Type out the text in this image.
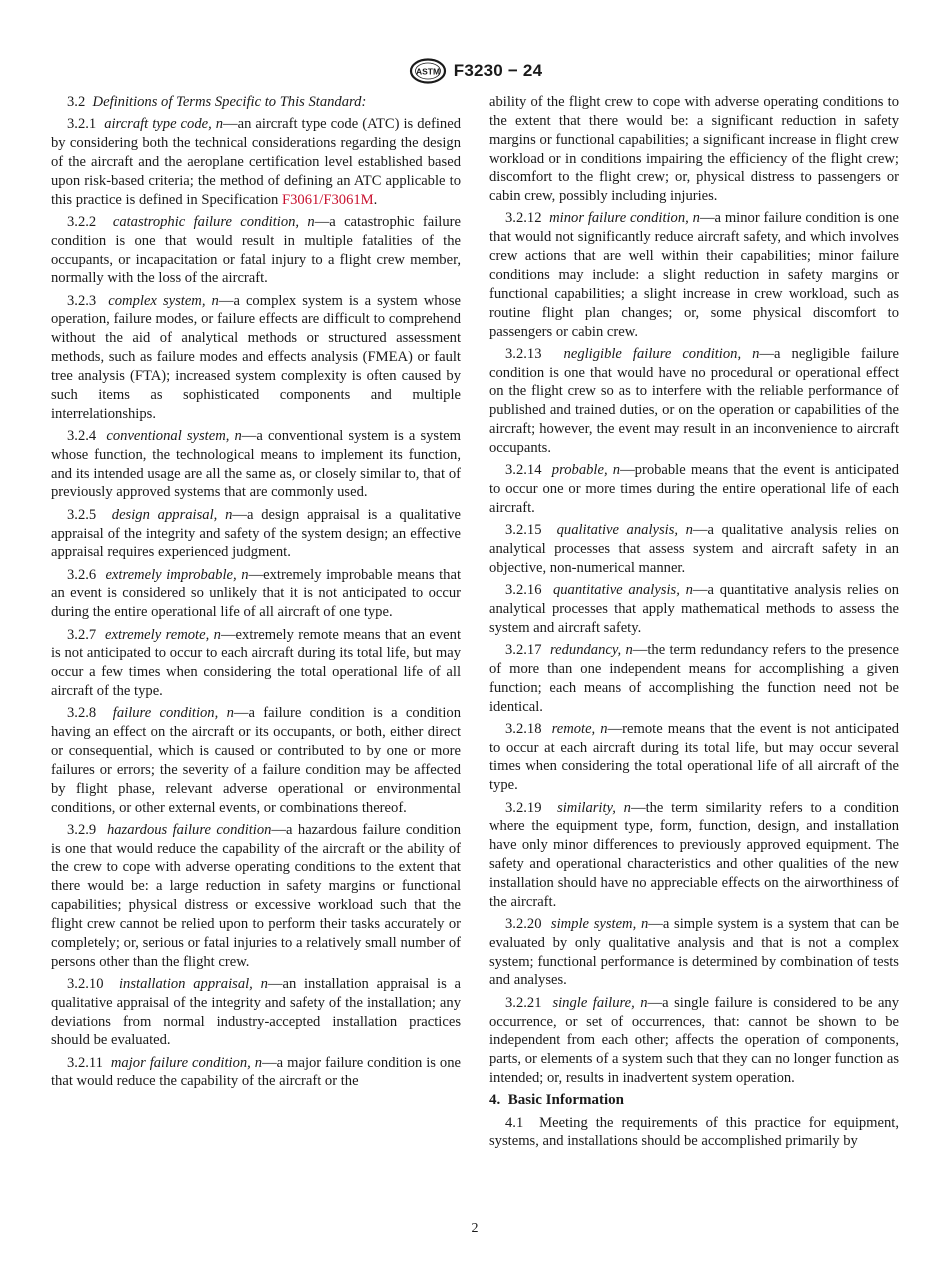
ASTM F3230 − 24

3.2 Definitions of Terms Specific to This Standard:

3.2.1 aircraft type code, n—an aircraft type code (ATC) is defined by considering both the technical considerations regarding the design of the aircraft and the aeroplane certification level established based upon risk-based criteria; the method of defining an ATC applicable to this practice is defined in Specification F3061/F3061M.

3.2.2 catastrophic failure condition, n—a catastrophic failure condition is one that would result in multiple fatalities of the occupants, or incapacitation or fatal injury to a flight crew member, normally with the loss of the aircraft.

3.2.3 complex system, n—a complex system is a system whose operation, failure modes, or failure effects are difficult to comprehend without the aid of analytical methods or structured assessment methods, such as failure modes and effects analysis (FMEA) or fault tree analysis (FTA); increased system complexity is often caused by such items as sophisticated components and multiple interrelationships.

3.2.4 conventional system, n—a conventional system is a system whose function, the technological means to implement its function, and its intended usage are all the same as, or closely similar to, that of previously approved systems that are commonly used.

3.2.5 design appraisal, n—a design appraisal is a qualitative appraisal of the integrity and safety of the system design; an effective appraisal requires experienced judgment.

3.2.6 extremely improbable, n—extremely improbable means that an event is considered so unlikely that it is not anticipated to occur during the entire operational life of all aircraft of one type.

3.2.7 extremely remote, n—extremely remote means that an event is not anticipated to occur to each aircraft during its total life, but may occur a few times when considering the total operational life of all aircraft of the type.

3.2.8 failure condition, n—a failure condition is a condition having an effect on the aircraft or its occupants, or both, either direct or consequential, which is caused or contributed to by one or more failures or errors; the severity of a failure condition may be affected by flight phase, relevant adverse operational or environmental conditions, or other external events, or combinations thereof.

3.2.9 hazardous failure condition—a hazardous failure condition is one that would reduce the capability of the aircraft or the ability of the crew to cope with adverse operating conditions to the extent that there would be: a large reduction in safety margins or functional capabilities; physical distress or excessive workload such that the flight crew cannot be relied upon to perform their tasks accurately or completely; or, serious or fatal injuries to a relatively small number of persons other than the flight crew.

3.2.10 installation appraisal, n—an installation appraisal is a qualitative appraisal of the integrity and safety of the installation; any deviations from normal industry-accepted installation practices should be evaluated.

3.2.11 major failure condition, n—a major failure condition is one that would reduce the capability of the aircraft or the

ability of the flight crew to cope with adverse operating conditions to the extent that there would be: a significant reduction in safety margins or functional capabilities; a significant increase in flight crew workload or in conditions impairing the efficiency of the flight crew; discomfort to the flight crew; or, physical distress to passengers or cabin crew, possibly including injuries.

3.2.12 minor failure condition, n—a minor failure condition is one that would not significantly reduce aircraft safety, and which involves crew actions that are well within their capabilities; minor failure conditions may include: a slight reduction in safety margins or functional capabilities; a slight increase in crew workload, such as routine flight plan changes; or, some physical discomfort to passengers or cabin crew.

3.2.13 negligible failure condition, n—a negligible failure condition is one that would have no procedural or operational effect on the flight crew so as to interfere with the reliable performance of published and trained duties, or on the operation or capabilities of the aircraft; however, the event may result in an inconvenience to aircraft occupants.

3.2.14 probable, n—probable means that the event is anticipated to occur one or more times during the entire operational life of each aircraft.

3.2.15 qualitative analysis, n—a qualitative analysis relies on analytical processes that assess system and aircraft safety in an objective, non-numerical manner.

3.2.16 quantitative analysis, n—a quantitative analysis relies on analytical processes that apply mathematical methods to assess the system and aircraft safety.

3.2.17 redundancy, n—the term redundancy refers to the presence of more than one independent means for accomplishing a given function; each means of accomplishing the function need not be identical.

3.2.18 remote, n—remote means that the event is not anticipated to occur at each aircraft during its total life, but may occur several times when considering the total operational life of all aircraft of the type.

3.2.19 similarity, n—the term similarity refers to a condition where the equipment type, form, function, design, and installation have only minor differences to previously approved equipment. The safety and operational characteristics and other qualities of the new installation should have no appreciable effects on the airworthiness of the aircraft.

3.2.20 simple system, n—a simple system is a system that can be evaluated by only qualitative analysis and that is not a complex system; functional performance is determined by combination of tests and analyses.

3.2.21 single failure, n—a single failure is considered to be any occurrence, or set of occurrences, that: cannot be shown to be independent from each other; affects the operation of components, parts, or elements of a system such that they can no longer function as intended; or, results in inadvertent system operation.

4. Basic Information

4.1 Meeting the requirements of this practice for equipment, systems, and installations should be accomplished primarily by

2
